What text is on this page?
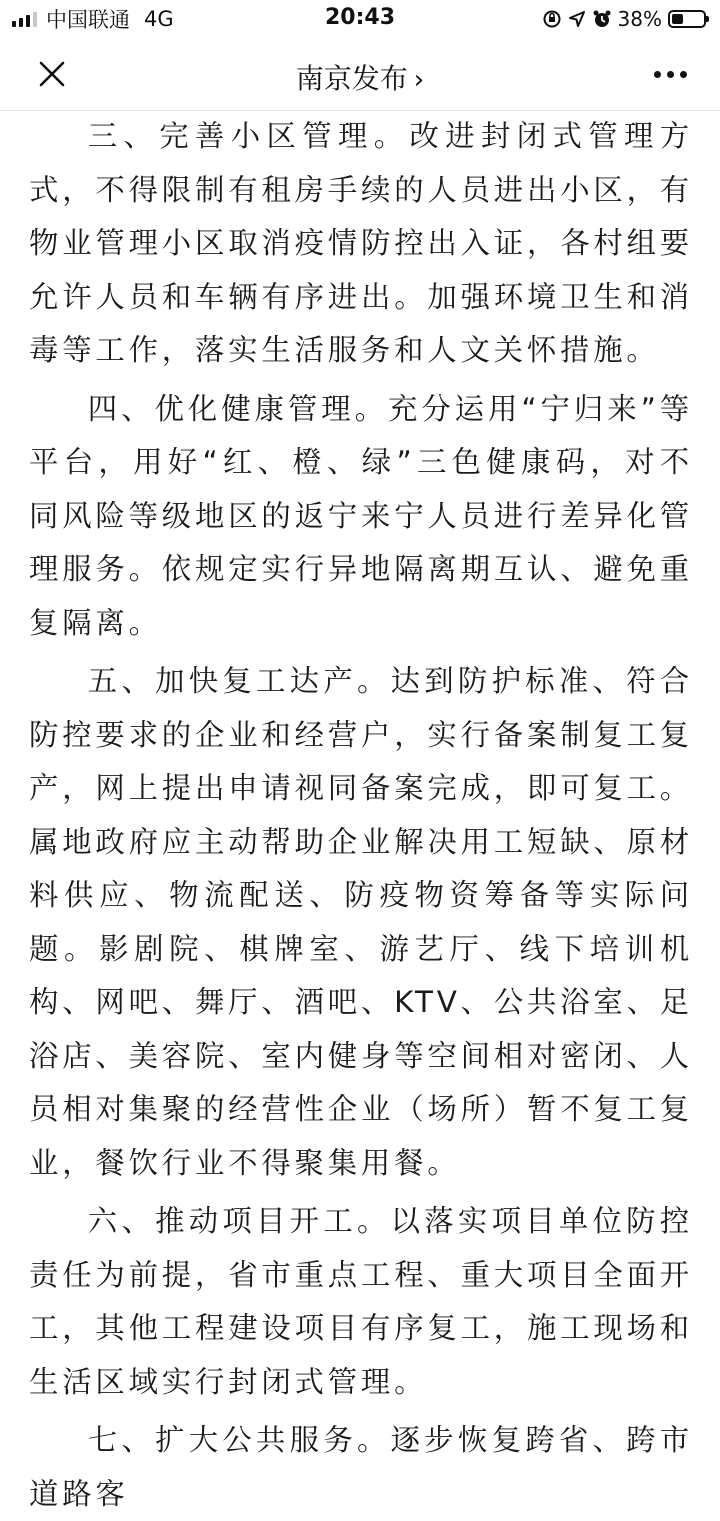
中国联通 4G	20:43	38%
南京发布 ›

三、完善小区管理。改进封闭式管理方式，不得限制有租房手续的人员进出小区，有物业管理小区取消疫情防控出入证，各村组要允许人员和车辆有序进出。加强环境卫生和消毒等工作，落实生活服务和人文关怀措施。

四、优化健康管理。充分运用“宁归来”等平台，用好“红、橙、绿”三色健康码，对不同风险等级地区的返宁来宁人员进行差异化管理服务。依规定实行异地隔离期互认、避免重复隔离。

五、加快复工达产。达到防护标准、符合防控要求的企业和经营户，实行备案制复工复产，网上提出申请视同备案完成，即可复工。属地政府应主动帮助企业解决用工短缺、原材料供应、物流配送、防疫物资筹备等实际问题。影剧院、棋牌室、游艺厅、线下培训机构、网吧、舞厅、酒吧、KTV、公共浴室、足浴店、美容院、室内健身等空间相对密闭、人员相对集聚的经营性企业（场所）暂不复工复业，餐饮行业不得聚集用餐。

六、推动项目开工。以落实项目单位防控责任为前提，省市重点工程、重大项目全面开工，其他工程建设项目有序复工，施工现场和生活区域实行封闭式管理。

七、扩大公共服务。逐步恢复跨省、跨市道路客
